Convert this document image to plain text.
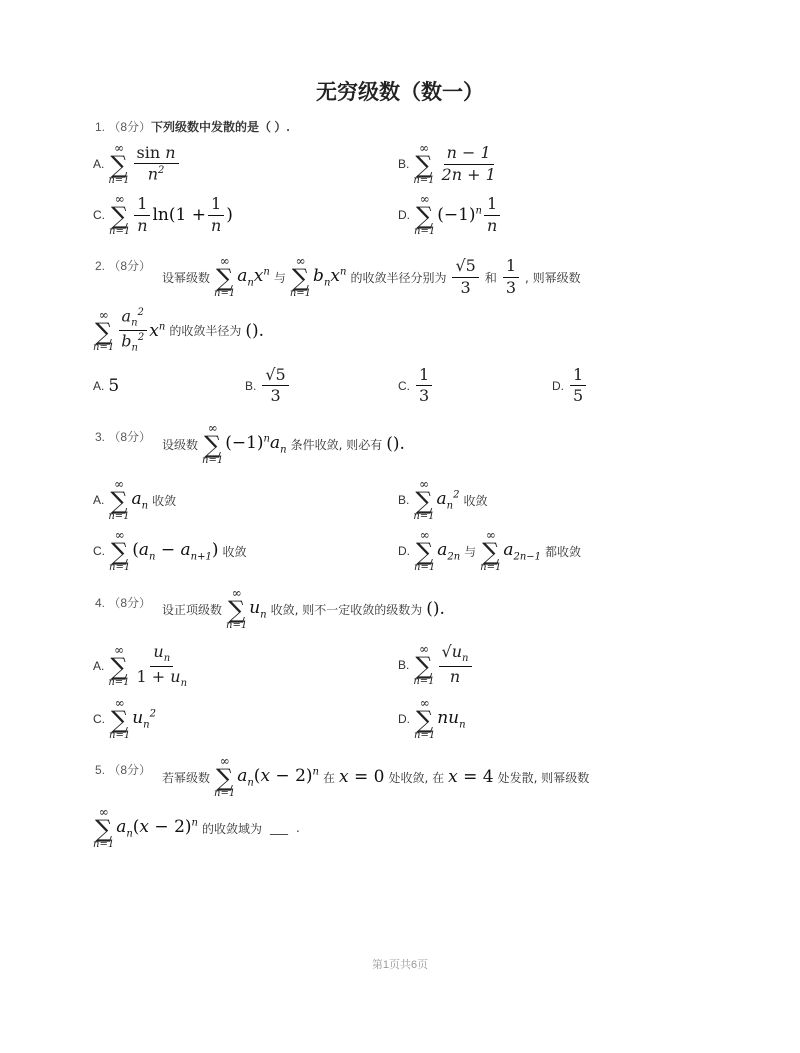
无穷级数（数一）
1. （8分）下列级数中发散的是（ ）.
A.
∞
∑
$n=1 \frac{\text{sin n}}{n^2}$	B.
∞
∑
$n=1 \frac{n - 1}{2n + 1}$
C.
∞
∑
$n=1 \frac{1}{n} \ln(1 + \frac{1}{n}$ )	D.
∞
∑
n=1
$(-1)^n \frac{1}{n}$
2. （8分）
设幂级数
∞
∑
n=1
$a_nx^n$ 与
∞
∑
n=1
$b_nx^n$ 的收敛半径分别为 $\frac{√5}{3}$ 和 $\frac{1}{3}$ , 则幂级数
∞
∑
$n=1 \frac{a_n^2}{b_n^2} x^n$ 的收敛半径为 ().
A. 5	B. $\frac{√5}{3}$	C. $\frac{1}{3}$	D. $\frac{1}{5}$
3. （8分）
设级数
∞
∑
n=1
$(-1)^na_n$ 条件收敛, 则必有 ().
A.
∞
∑
n=1
$a_n$ 收敛	B.
∞
∑
n=1
$a_n^2$ 收敛
C.
∞
∑
n=1
$(a_n - a_{n+1})$ 收敛	D.
∞
∑
n=1
$a_{2n}$ 与
∞
∑
n=1
$a_{2n-1}$ 都收敛
4. （8分） 设正项级数
∞
∑
n=1
$u_n$ 收敛, 则不一定收敛的级数为 ().
A.
∞
∑
$n=1 \frac{u_n}{1 + u_n}$	B.
∞
∑
$n=1 \frac{√u_n}{n}$
C.
∞
∑
n=1
$u_n^2$	D.
∞
∑
n=1
$nu_n$
5. （8分）
若幂级数
∞
∑
n=1
$a_n(x - 2)^n$ 在 x = 0 处收敛, 在 x = 4 处发散, 则幂级数
∞
∑
n=1
$a_n(x - 2)^n$ 的收敛域为 ___ .
第1页共6页
